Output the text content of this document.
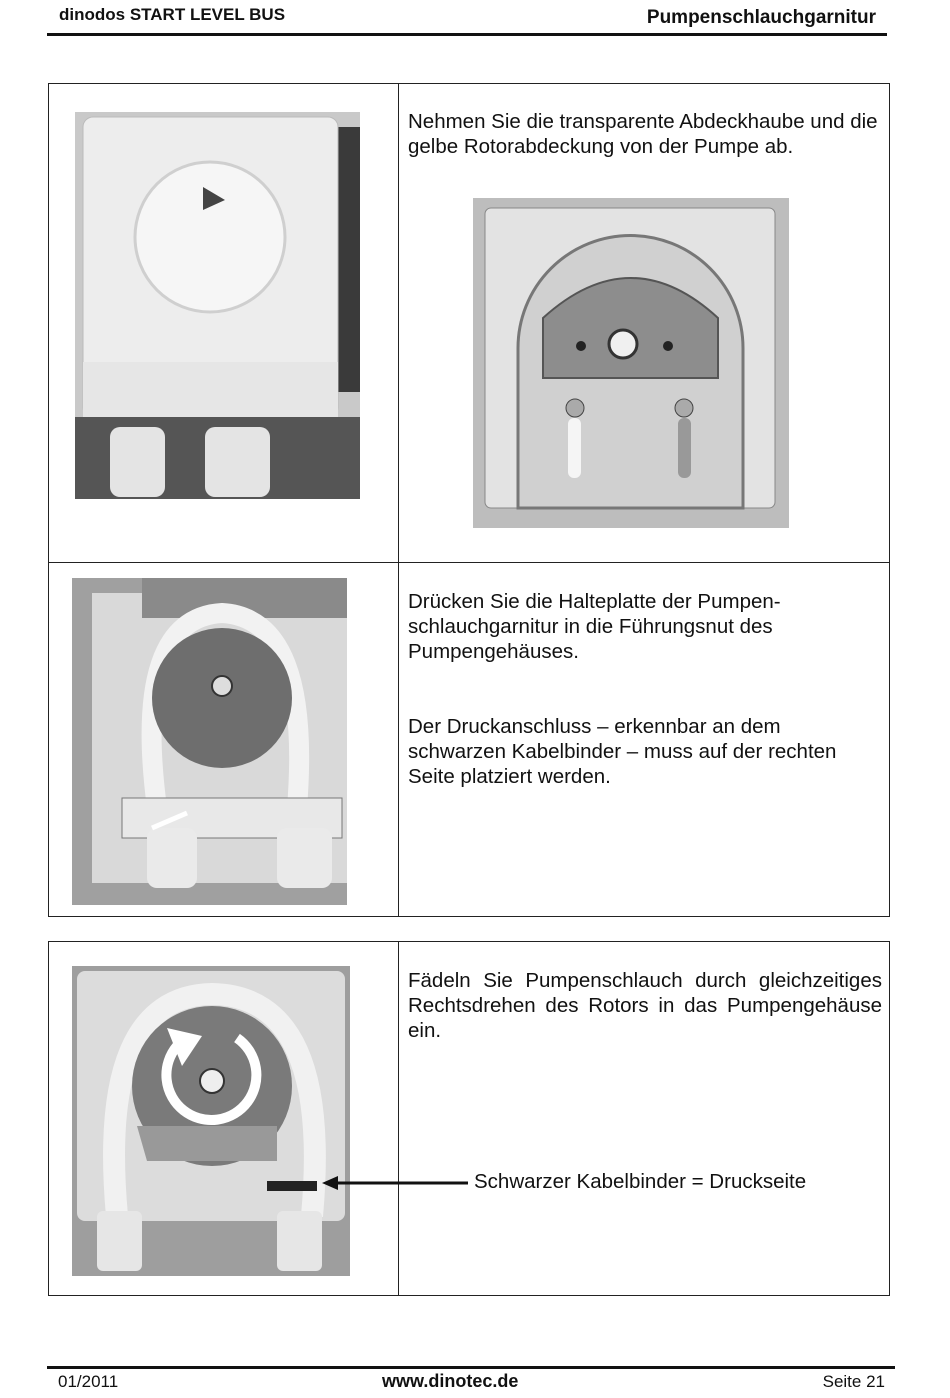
dinodos START LEVEL BUS	Pumpenschlauchgarnitur

Nehmen Sie die transparente Abdeckhaube und die gelbe Rotorabdeckung von der Pumpe ab.
Drücken Sie die Halteplatte der Pumpen-schlauchgarnitur in die Führungsnut des Pumpengehäuses.
Der Druckanschluss – erkennbar an dem schwarzen Kabelbinder – muss auf der rechten Seite platziert werden.
Fädeln Sie Pumpenschlauch durch gleichzeitiges Rechtsdrehen des Rotors in das Pumpengehäuse ein.
Schwarzer Kabelbinder = Druckseite
01/2011	www.dinotec.de	Seite 21
